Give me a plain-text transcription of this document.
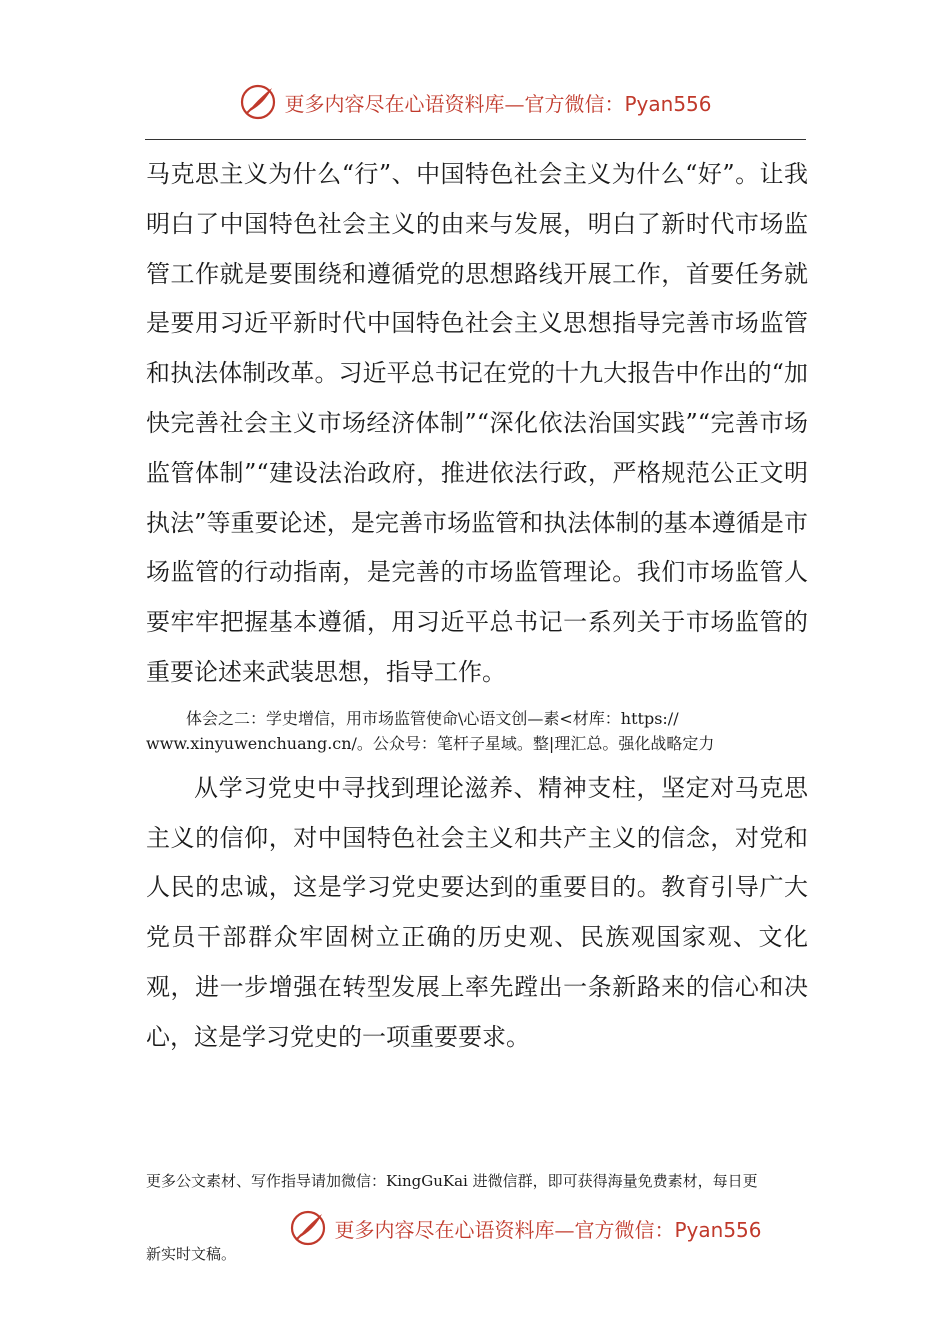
更多内容尽在心语资料库—官方微信：Pyan556

马克思主义为什么“行”、中国特色社会主义为什么“好”。让我明白了中国特色社会主义的由来与发展，明白了新时代市场监管工作就是要围绕和遵循党的思想路线开展工作，首要任务就是要用习近平新时代中国特色社会主义思想指导完善市场监管和执法体制改革。习近平总书记在党的十九大报告中作出的“加快完善社会主义市场经济体制”“深化依法治国实践”“完善市场监管体制”“建设法治政府，推进依法行政，严格规范公正文明执法”等重要论述，是完善市场监管和执法体制的基本遵循是市场监管的行动指南，是完善的市场监管理论。我们市场监管人要牢牢把握基本遵循，用习近平总书记一系列关于市场监管的重要论述来武装思想，指导工作。

体会之二：学史增信，用市场监管使命\心语文创—素<材库：https://

www.xinyuwenchuang.cn/。公众号：笔杆子星域。整|理汇总。强化战略定力

从学习党史中寻找到理论滋养、精神支柱，坚定对马克思主义的信仰，对中国特色社会主义和共产主义的信念，对党和人民的忠诚，这是学习党史要达到的重要目的。教育引导广大党员干部群众牢固树立正确的历史观、民族观国家观、文化观，进一步增强在转型发展上率先蹚出一条新路来的信心和决心，这是学习党史的一项重要要求。

更多公文素材、写作指导请加微信：KingGuKai 进微信群，即可获得海量免费素材，每日更
更多内容尽在心语资料库—官方微信：Pyan556
新实时文稿。
